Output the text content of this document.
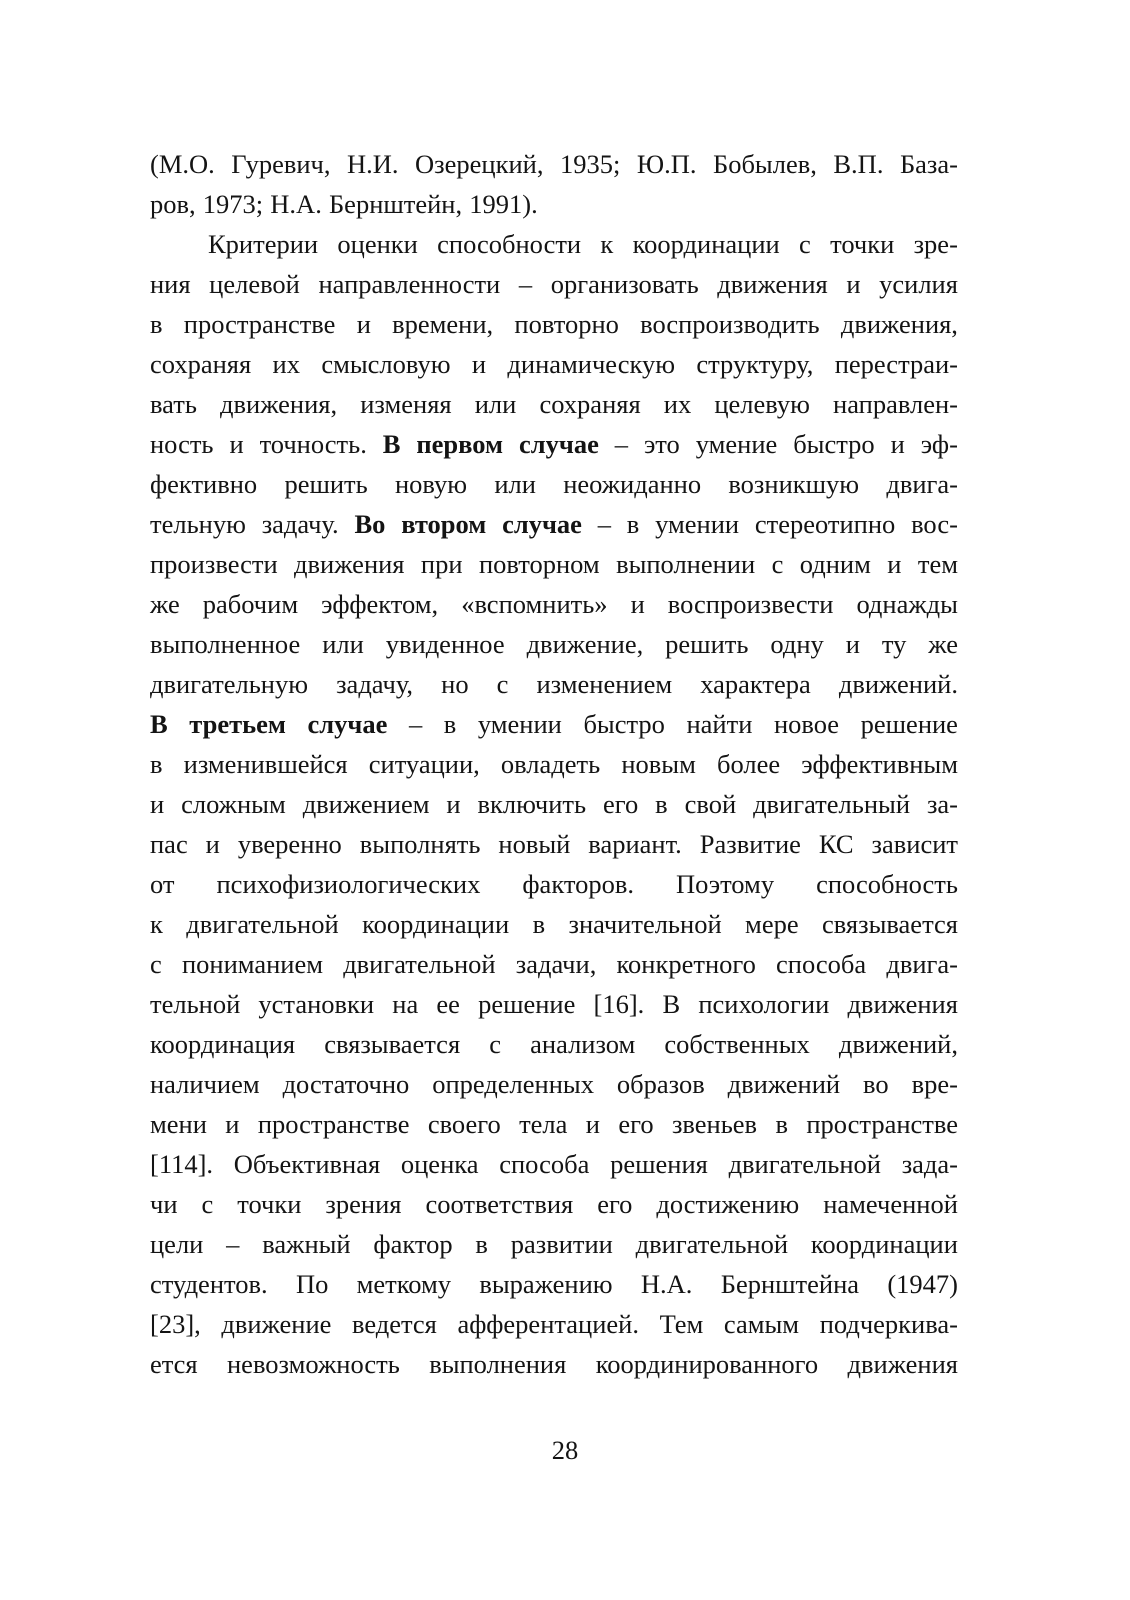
(М.О. Гуревич, Н.И. Озерецкий, 1935; Ю.П. Бобылев, В.П. База-
ров, 1973; Н.А. Бернштейн, 1991).
Критерии оценки способности к координации с точки зре-
ния целевой направленности – организовать движения и усилия
в пространстве и времени, повторно воспроизводить движения,
сохраняя их смысловую и динамическую структуру, перестраи-
вать движения, изменяя или сохраняя их целевую направлен-
ность и точность. В первом случае – это умение быстро и эф-
фективно решить новую или неожиданно возникшую двига-
тельную задачу. Во втором случае – в умении стереотипно вос-
произвести движения при повторном выполнении с одним и тем
же рабочим эффектом, «вспомнить» и воспроизвести однажды
выполненное или увиденное движение, решить одну и ту же
двигательную задачу, но с изменением характера движений.
В третьем случае – в умении быстро найти новое решение
в изменившейся ситуации, овладеть новым более эффективным
и сложным движением и включить его в свой двигательный за-
пас и уверенно выполнять новый вариант. Развитие КС зависит
от психофизиологических факторов. Поэтому способность
к двигательной координации в значительной мере связывается
с пониманием двигательной задачи, конкретного способа двига-
тельной установки на ее решение [16]. В психологии движения
координация связывается с анализом собственных движений,
наличием достаточно определенных образов движений во вре-
мени и пространстве своего тела и его звеньев в пространстве
[114]. Объективная оценка способа решения двигательной зада-
чи с точки зрения соответствия его достижению намеченной
цели – важный фактор в развитии двигательной координации
студентов. По меткому выражению Н.А. Бернштейна (1947)
[23], движение ведется афферентацией. Тем самым подчеркива-
ется невозможность выполнения координированного движения
28
